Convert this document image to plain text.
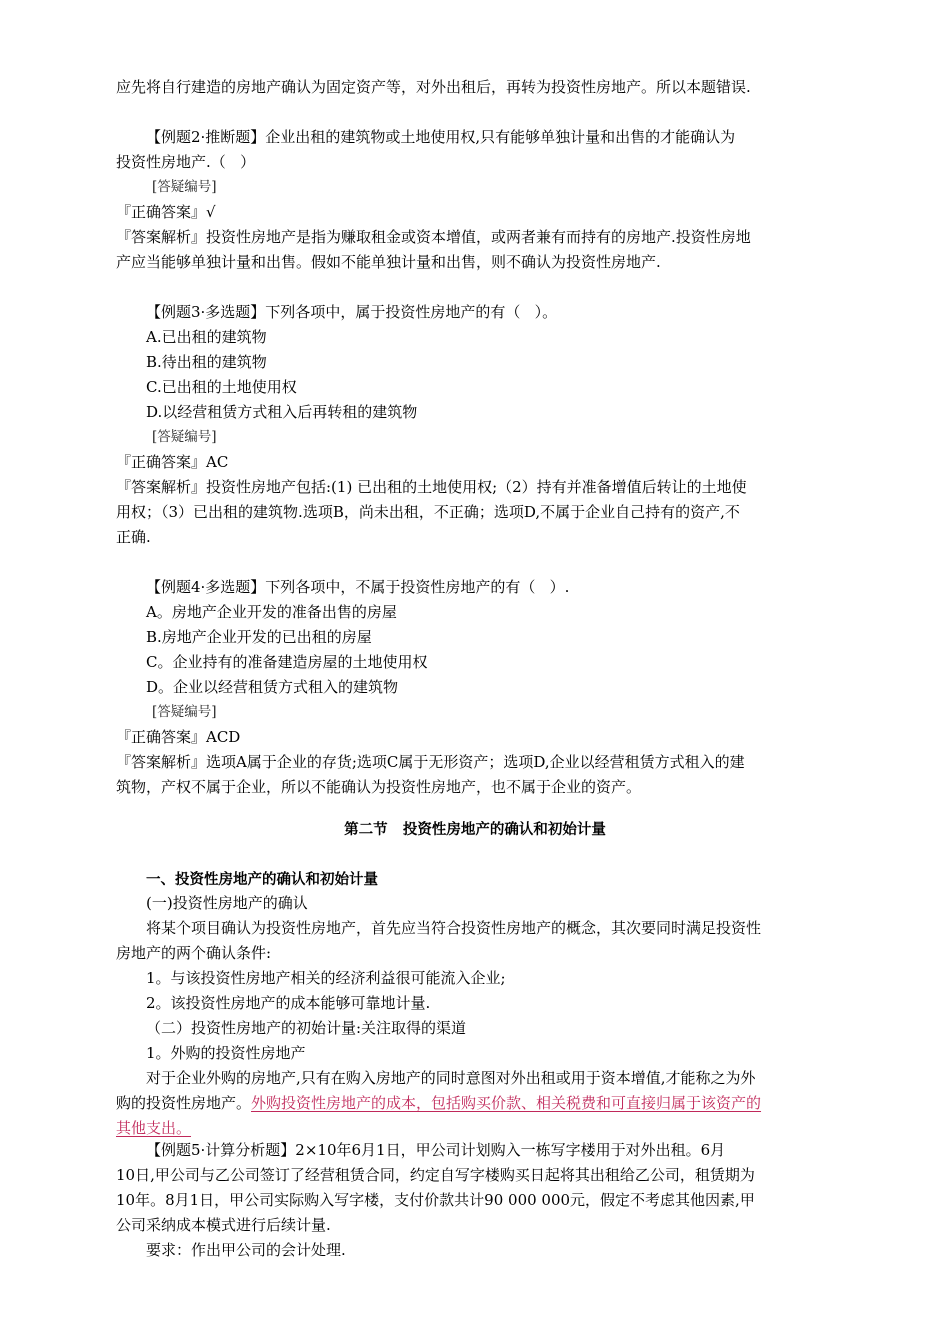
应先将自行建造的房地产确认为固定资产等，对外出租后，再转为投资性房地产。所以本题错误.
【例题2·推断题】企业出租的建筑物或土地使用权,只有能够单独计量和出售的才能确认为
投资性房地产.（   ）
[答疑编号]
『正确答案』√
『答案解析』投资性房地产是指为赚取租金或资本增值，或两者兼有而持有的房地产.投资性房地
产应当能够单独计量和出售。假如不能单独计量和出售，则不确认为投资性房地产.
【例题3·多选题】下列各项中，属于投资性房地产的有（   ）。
A.已出租的建筑物
B.待出租的建筑物
C.已出租的土地使用权
D.以经营租赁方式租入后再转租的建筑物
[答疑编号]
『正确答案』AC
『答案解析』投资性房地产包括:(1) 已出租的土地使用权;（2）持有并准备增值后转让的土地使
用权；（3）已出租的建筑物.选项B，尚未出租，不正确；选项D,不属于企业自己持有的资产,不
正确.
【例题4·多选题】下列各项中，不属于投资性房地产的有（   ）.
A。房地产企业开发的准备出售的房屋
B.房地产企业开发的已出租的房屋
C。企业持有的准备建造房屋的土地使用权
D。企业以经营租赁方式租入的建筑物
[答疑编号]
『正确答案』ACD
『答案解析』选项A属于企业的存货;选项C属于无形资产；选项D,企业以经营租赁方式租入的建
筑物，产权不属于企业，所以不能确认为投资性房地产，也不属于企业的资产。
第二节   投资性房地产的确认和初始计量
一、投资性房地产的确认和初始计量
(一)投资性房地产的确认
将某个项目确认为投资性房地产，首先应当符合投资性房地产的概念，其次要同时满足投资性
房地产的两个确认条件:
1。与该投资性房地产相关的经济利益很可能流入企业;
2。该投资性房地产的成本能够可靠地计量.
（二）投资性房地产的初始计量:关注取得的渠道
1。外购的投资性房地产
对于企业外购的房地产,只有在购入房地产的同时意图对外出租或用于资本增值,才能称之为外
购的投资性房地产。外购投资性房地产的成本，包括购买价款、相关税费和可直接归属于该资产的
其他支出。
【例题5·计算分析题】2×10年6月1日，甲公司计划购入一栋写字楼用于对外出租。6月
10日,甲公司与乙公司签订了经营租赁合同，约定自写字楼购买日起将其出租给乙公司，租赁期为
10年。8月1日，甲公司实际购入写字楼，支付价款共计90 000 000元，假定不考虑其他因素,甲
公司采纳成本模式进行后续计量.
要求：作出甲公司的会计处理.
